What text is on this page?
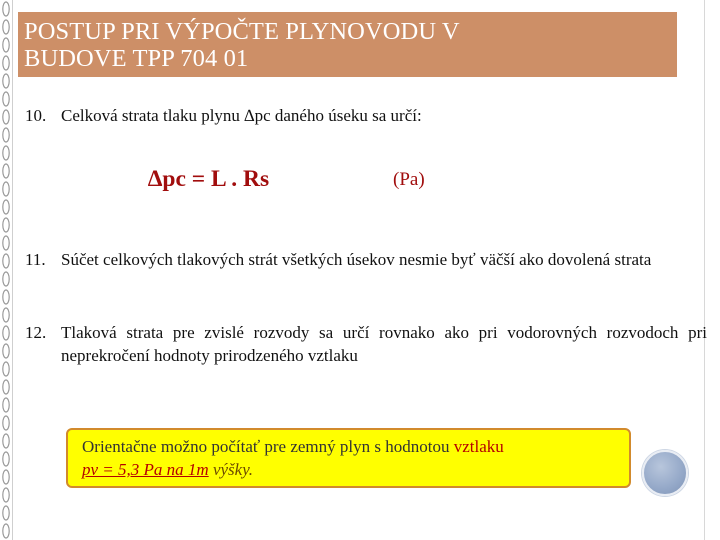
POSTUP PRI VÝPOČTE PLYNOVODU V
BUDOVE TPP 704 01
10. Celková strata tlaku plynu ∆pc daného úseku sa určí:
∆pc = L . Rs	(Pa)
11. Súčet celkových tlakových strát všetkých úsekov nesmie byť väčší ako dovolená strata
12. Tlaková strata pre zvislé rozvody sa určí rovnako ako pri vodorovných rozvodoch pri neprekročení hodnoty prirodzeného vztlaku
Orientačne možno počítať pre zemný plyn s hodnotou vztlaku
pv = 5,3 Pa na 1m výšky.
